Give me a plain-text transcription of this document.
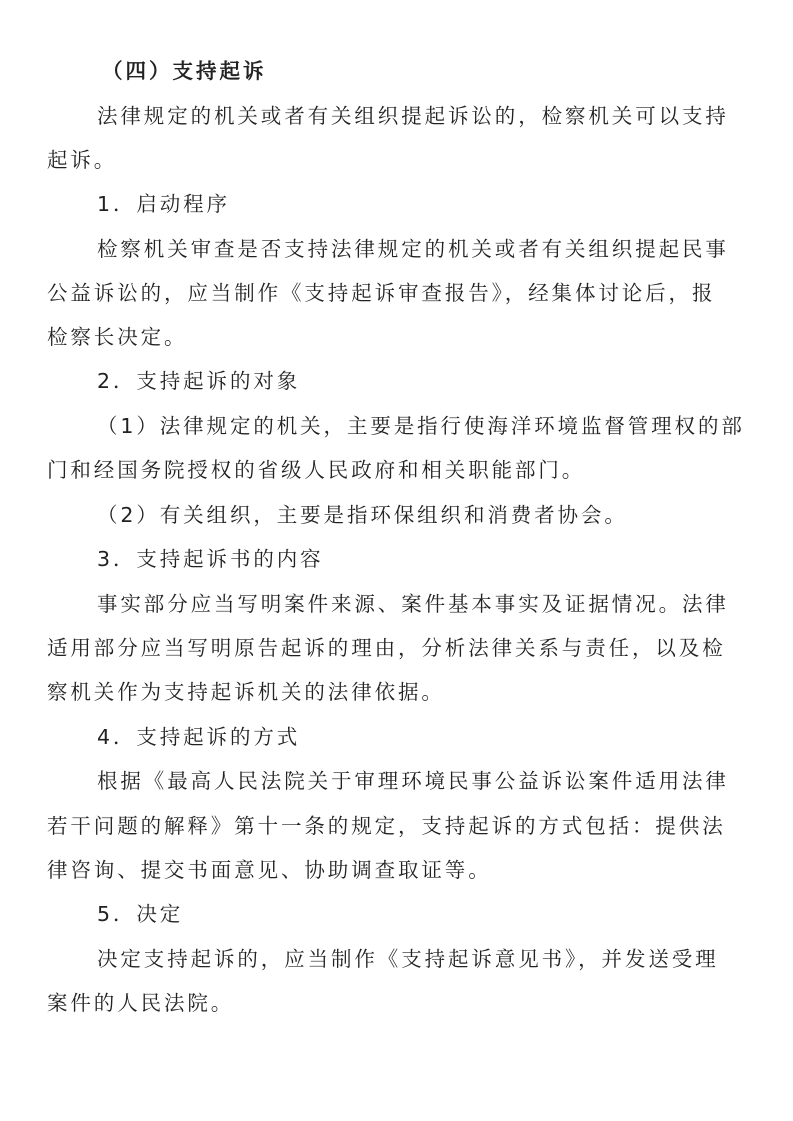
（四）支持起诉
法律规定的机关或者有关组织提起诉讼的，检察机关可以支持
起诉。
1．启动程序
检察机关审查是否支持法律规定的机关或者有关组织提起民事
公益诉讼的，应当制作《支持起诉审查报告》，经集体讨论后，报
检察长决定。
2．支持起诉的对象
（1）法律规定的机关，主要是指行使海洋环境监督管理权的部
门和经国务院授权的省级人民政府和相关职能部门。
（2）有关组织，主要是指环保组织和消费者协会。
3．支持起诉书的内容
事实部分应当写明案件来源、案件基本事实及证据情况。法律
适用部分应当写明原告起诉的理由，分析法律关系与责任，以及检
察机关作为支持起诉机关的法律依据。
4．支持起诉的方式
根据《最高人民法院关于审理环境民事公益诉讼案件适用法律
若干问题的解释》第十一条的规定，支持起诉的方式包括：提供法
律咨询、提交书面意见、协助调查取证等。
5．决定
决定支持起诉的，应当制作《支持起诉意见书》，并发送受理
案件的人民法院。
